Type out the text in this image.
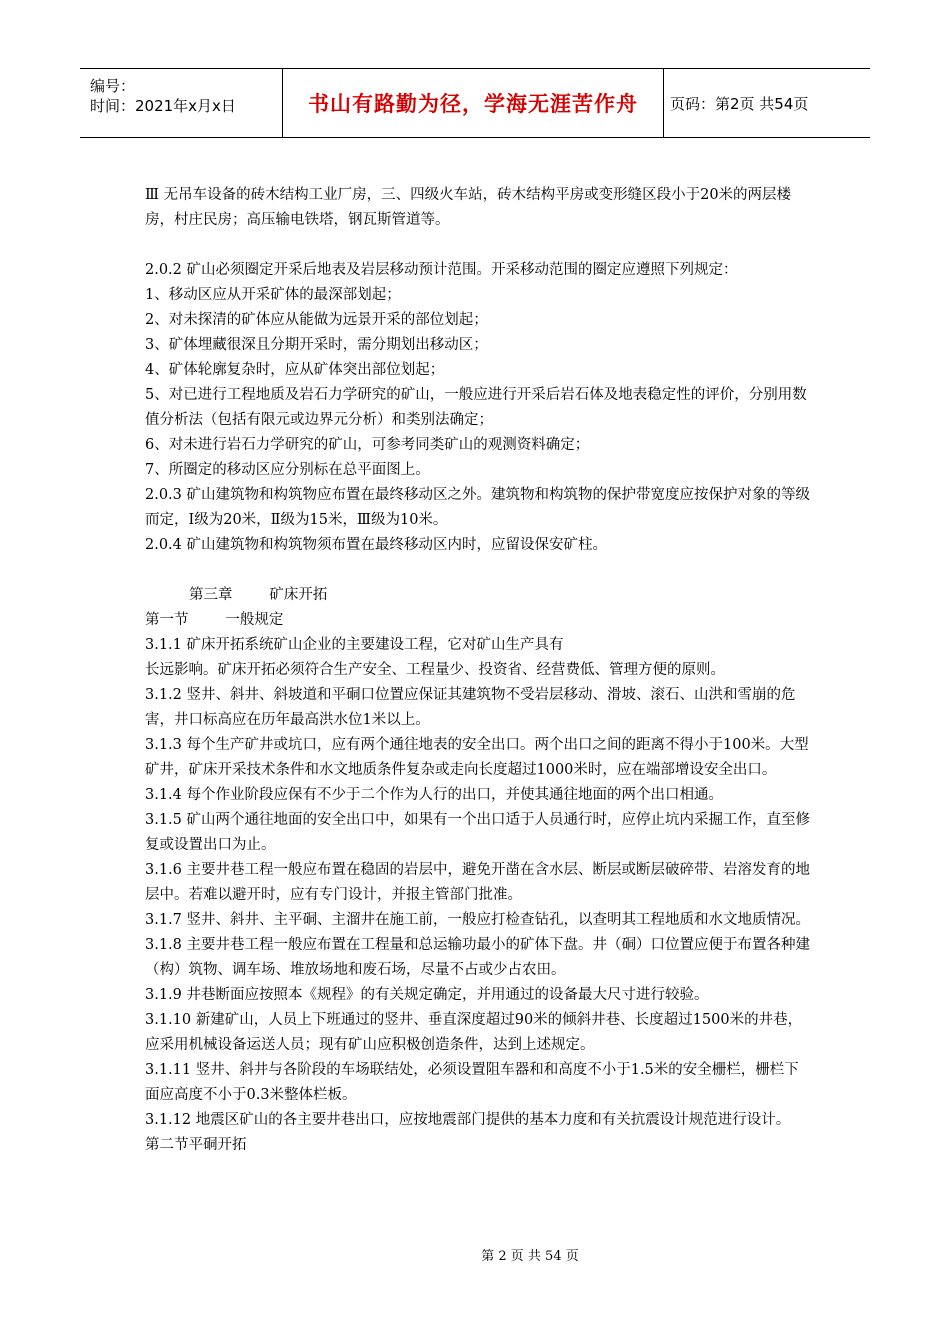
编号：
时间：2021年x月x日	书山有路勤为径，学海无涯苦作舟	页码：第2页 共54页

Ⅲ 无吊车设备的砖木结构工业厂房，三、四级火车站，砖木结构平房或变形缝区段小于20米的两层楼房，村庄民房；高压输电铁塔，钢瓦斯管道等。

2.0.2 矿山必须圈定开采后地表及岩层移动预计范围。开采移动范围的圈定应遵照下列规定：

1、移动区应从开采矿体的最深部划起；

2、对未探清的矿体应从能做为远景开采的部位划起；

3、矿体埋藏很深且分期开采时，需分期划出移动区；

4、矿体轮廓复杂时，应从矿体突出部位划起；

5、对已进行工程地质及岩石力学研究的矿山，一般应进行开采后岩石体及地表稳定性的评价，分别用数值分析法（包括有限元或边界元分析）和类别法确定；

6、对未进行岩石力学研究的矿山，可参考同类矿山的观测资料确定；

7、所圈定的移动区应分别标在总平面图上。

2.0.3 矿山建筑物和构筑物应布置在最终移动区之外。建筑物和构筑物的保护带宽度应按保护对象的等级而定，Ⅰ级为20米，Ⅱ级为15米，Ⅲ级为10米。

2.0.4 矿山建筑物和构筑物须布置在最终移动区内时，应留设保安矿柱。

第三章        矿床开拓

第一节        一般规定

3.1.1 矿床开拓系统矿山企业的主要建设工程，它对矿山生产具有

长远影响。矿床开拓必须符合生产安全、工程量少、投资省、经营费低、管理方便的原则。

3.1.2 竖井、斜井、斜坡道和平硐口位置应保证其建筑物不受岩层移动、滑坡、滚石、山洪和雪崩的危害，井口标高应在历年最高洪水位1米以上。

3.1.3 每个生产矿井或坑口，应有两个通往地表的安全出口。两个出口之间的距离不得小于100米。大型矿井，矿床开采技术条件和水文地质条件复杂或走向长度超过1000米时，应在端部增设安全出口。

3.1.4 每个作业阶段应保有不少于二个作为人行的出口，并使其通往地面的两个出口相通。

3.1.5 矿山两个通往地面的安全出口中，如果有一个出口适于人员通行时，应停止坑内采掘工作，直至修复或设置出口为止。

3.1.6 主要井巷工程一般应布置在稳固的岩层中，避免开凿在含水层、断层或断层破碎带、岩溶发育的地层中。若难以避开时，应有专门设计，并报主管部门批准。

3.1.7 竖井、斜井、主平硐、主溜井在施工前，一般应打检查钻孔，以查明其工程地质和水文地质情况。

3.1.8 主要井巷工程一般应布置在工程量和总运输功最小的矿体下盘。井（硐）口位置应便于布置各种建（构）筑物、调车场、堆放场地和废石场，尽量不占或少占农田。

3.1.9 井巷断面应按照本《规程》的有关规定确定，并用通过的设备最大尺寸进行较验。

3.1.10 新建矿山，人员上下班通过的竖井、垂直深度超过90米的倾斜井巷、长度超过1500米的井巷，应采用机械设备运送人员；现有矿山应积极创造条件，达到上述规定。

3.1.11 竖井、斜井与各阶段的车场联结处，必须设置阻车器和和高度不小于1.5米的安全栅栏，栅栏下面应高度不小于0.3米整体栏板。

3.1.12 地震区矿山的各主要井巷出口，应按地震部门提供的基本力度和有关抗震设计规范进行设计。

第二节平硐开拓

第 2 页 共 54 页
